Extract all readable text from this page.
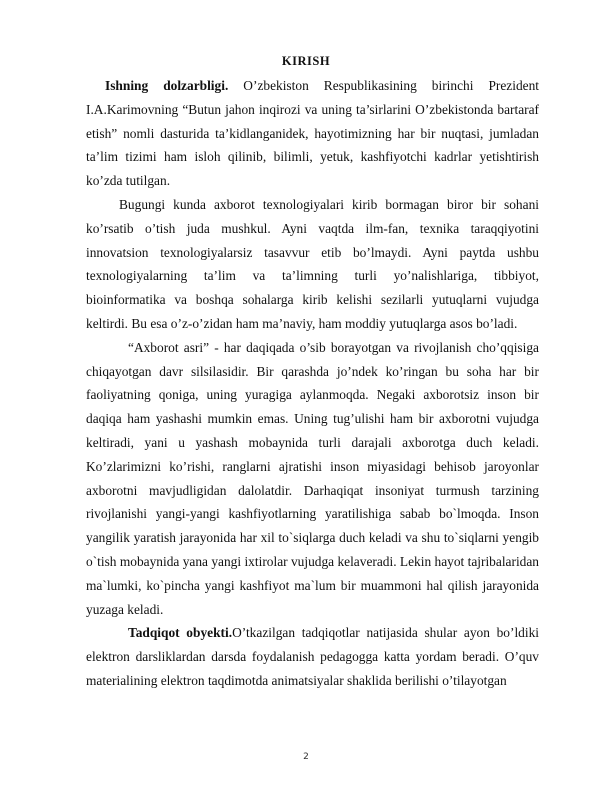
KIRISH

Ishning dolzarbligi. O’zbekiston Respublikasining birinchi Prezident I.A.Karimovning “Butun jahon inqirozi va uning ta’sirlarini O’zbekistonda bartaraf etish” nomli dasturida ta’kidlanganidek, hayotimizning har bir nuqtasi, jumladan ta’lim tizimi ham isloh qilinib, bilimli, yetuk, kashfiyotchi kadrlar yetishtirish ko’zda tutilgan.

Bugungi kunda axborot texnologiyalari kirib bormagan biror bir sohani ko’rsatib o’tish juda mushkul. Ayni vaqtda ilm-fan, texnika taraqqiyotini innovatsion texnologiyalarsiz tasavvur etib bo’lmaydi. Ayni paytda ushbu texnologiyalarning ta’lim va ta’limning turli yo’nalishlariga, tibbiyot, bioinformatika va boshqa sohalarga kirib kelishi sezilarli yutuqlarni vujudga keltirdi. Bu esa o’z-o’zidan ham ma’naviy, ham moddiy yutuqlarga asos bo’ladi.

“Axborot asri” - har daqiqada o’sib borayotgan va rivojlanish cho’qqisiga chiqayotgan davr silsilasidir. Bir qarashda jo’ndek ko’ringan bu soha har bir faoliyatning qoniga, uning yuragiga aylanmoqda. Negaki axborotsiz inson bir daqiqa ham yashashi mumkin emas. Uning tug’ulishi ham bir axborotni vujudga keltiradi, yani u yashash mobaynida turli darajali axborotga duch keladi. Ko’zlarimizni ko’rishi, ranglarni ajratishi inson miyasidagi behisob jaroyonlar axborotni mavjudligidan dalolatdir. Darhaqiqat insoniyat turmush tarzining rivojlanishi yangi-yangi kashfiyotlarning yaratilishiga sabab bo`lmoqda. Inson yangilik yaratish jarayonida har xil to`siqlarga duch keladi va shu to`siqlarni yengib o`tish mobaynida yana yangi ixtirolar vujudga kelaveradi. Lekin hayot tajribalaridan ma`lumki, ko`pincha yangi kashfiyot ma`lum bir muammoni hal qilish jarayonida yuzaga keladi.

Tadqiqot obyekti.O’tkazilgan tadqiqotlar natijasida shular ayon bo’ldiki elektron darsliklardan darsda foydalanish pedagogga katta yordam beradi. O’quv materialining elektron taqdimotda animatsiyalar shaklida berilishi o’tilayotgan

2
